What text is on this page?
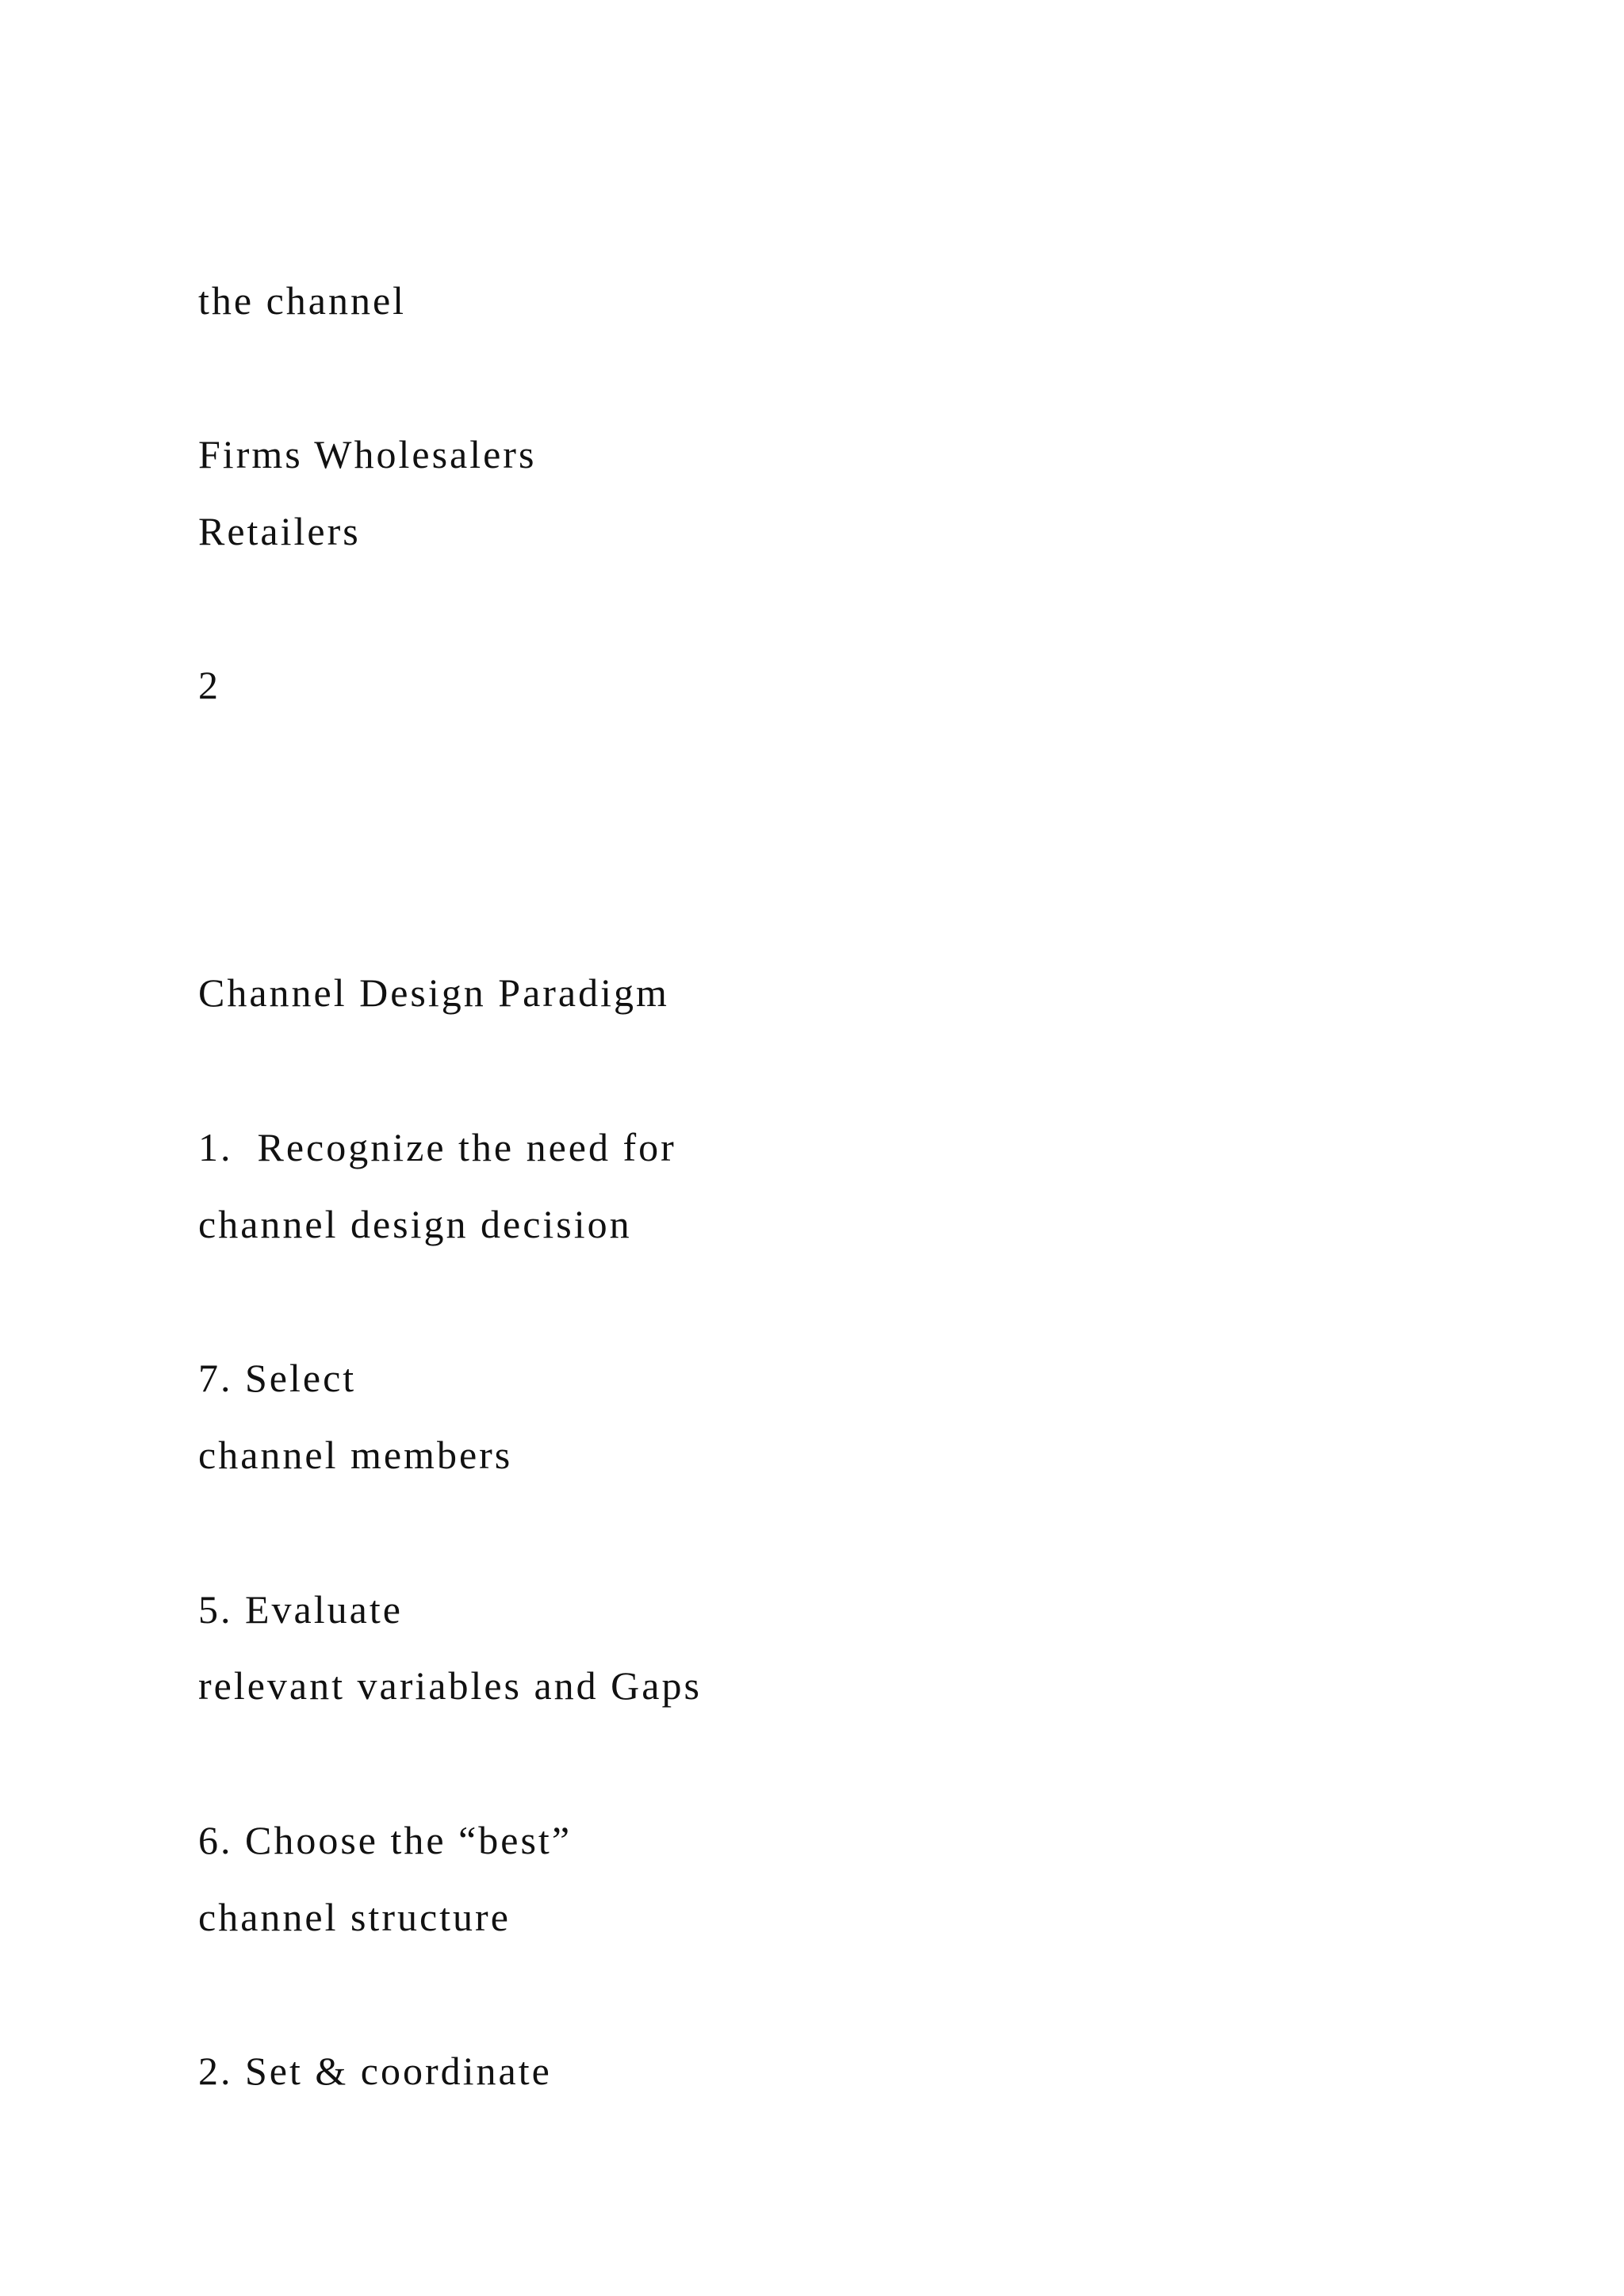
the channel

Firms Wholesalers

Retailers

2

Channel Design Paradigm

1.  Recognize the need for

channel design decision

7. Select

channel members

5. Evaluate

relevant variables and Gaps

6. Choose the “best”

channel structure

2. Set & coordinate
